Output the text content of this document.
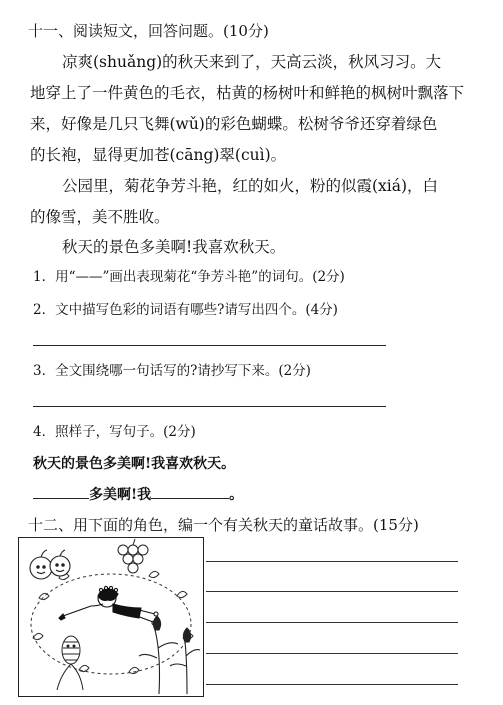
十一、阅读短文，回答问题。(10分)
凉爽(shuǎng)的秋天来到了，天高云淡，秋风习习。大
地穿上了一件黄色的毛衣，枯黄的杨树叶和鲜艳的枫树叶飘落下
来，好像是几只飞舞(wǔ)的彩色蝴蝶。松树爷爷还穿着绿色
的长袍，显得更加苍(cāng)翠(cuì)。
公园里，菊花争芳斗艳，红的如火，粉的似霞(xiá)，白
的像雪，美不胜收。
秋天的景色多美啊!我喜欢秋天。
1．用“——”画出表现菊花“争芳斗艳”的词句。(2分)
2．文中描写色彩的词语有哪些?请写出四个。(4分)
3．全文围绕哪一句话写的?请抄写下来。(2分)
4．照样子，写句子。(2分)
秋天的景色多美啊!我喜欢秋天。
多美啊!我	。
十二、用下面的角色，编一个有关秋天的童话故事。(15分)
